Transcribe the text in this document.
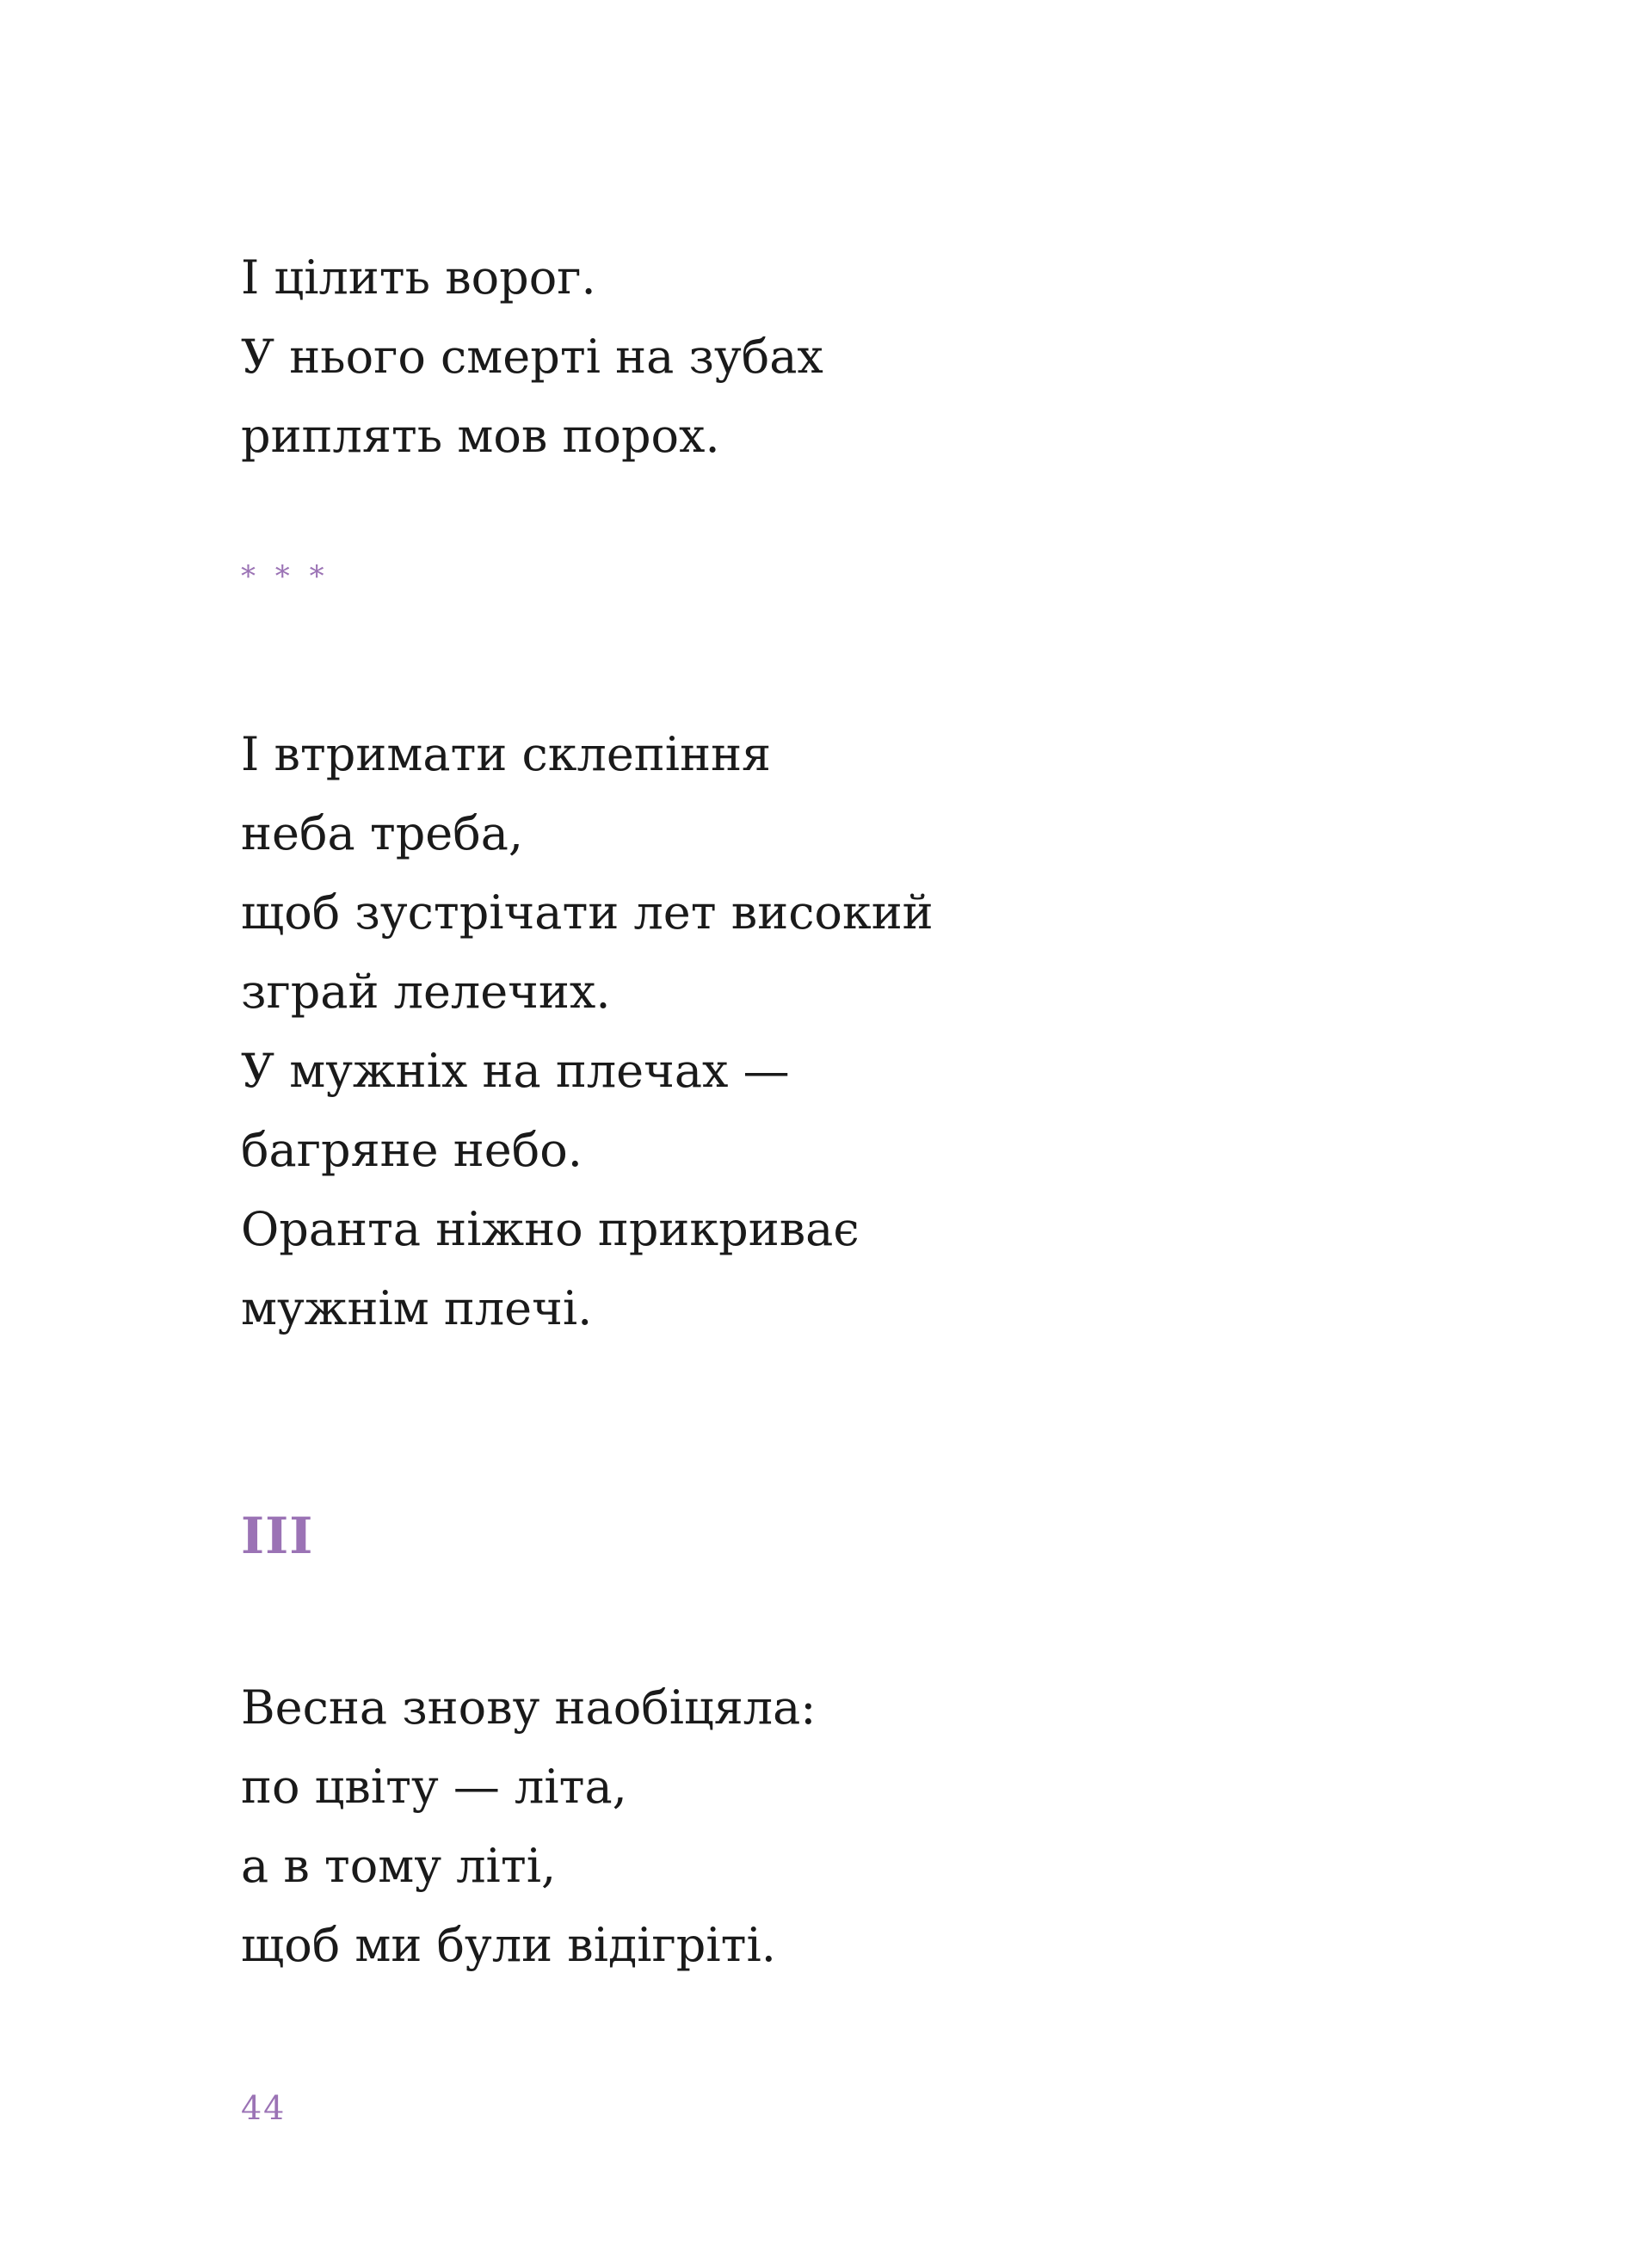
І цілить ворог.
У нього смерті на зубах
риплять мов порох.
* * *
І втримати склепіння
неба треба,
щоб зустрічати лет високий
зграй лелечих.
У мужніх на плечах —
багряне небо.
Оранта ніжно прикриває
мужнім плечі.
III
Весна знову наобіцяла:
по цвіту — літа,
а в тому літі,
щоб ми були відігріті.
44
